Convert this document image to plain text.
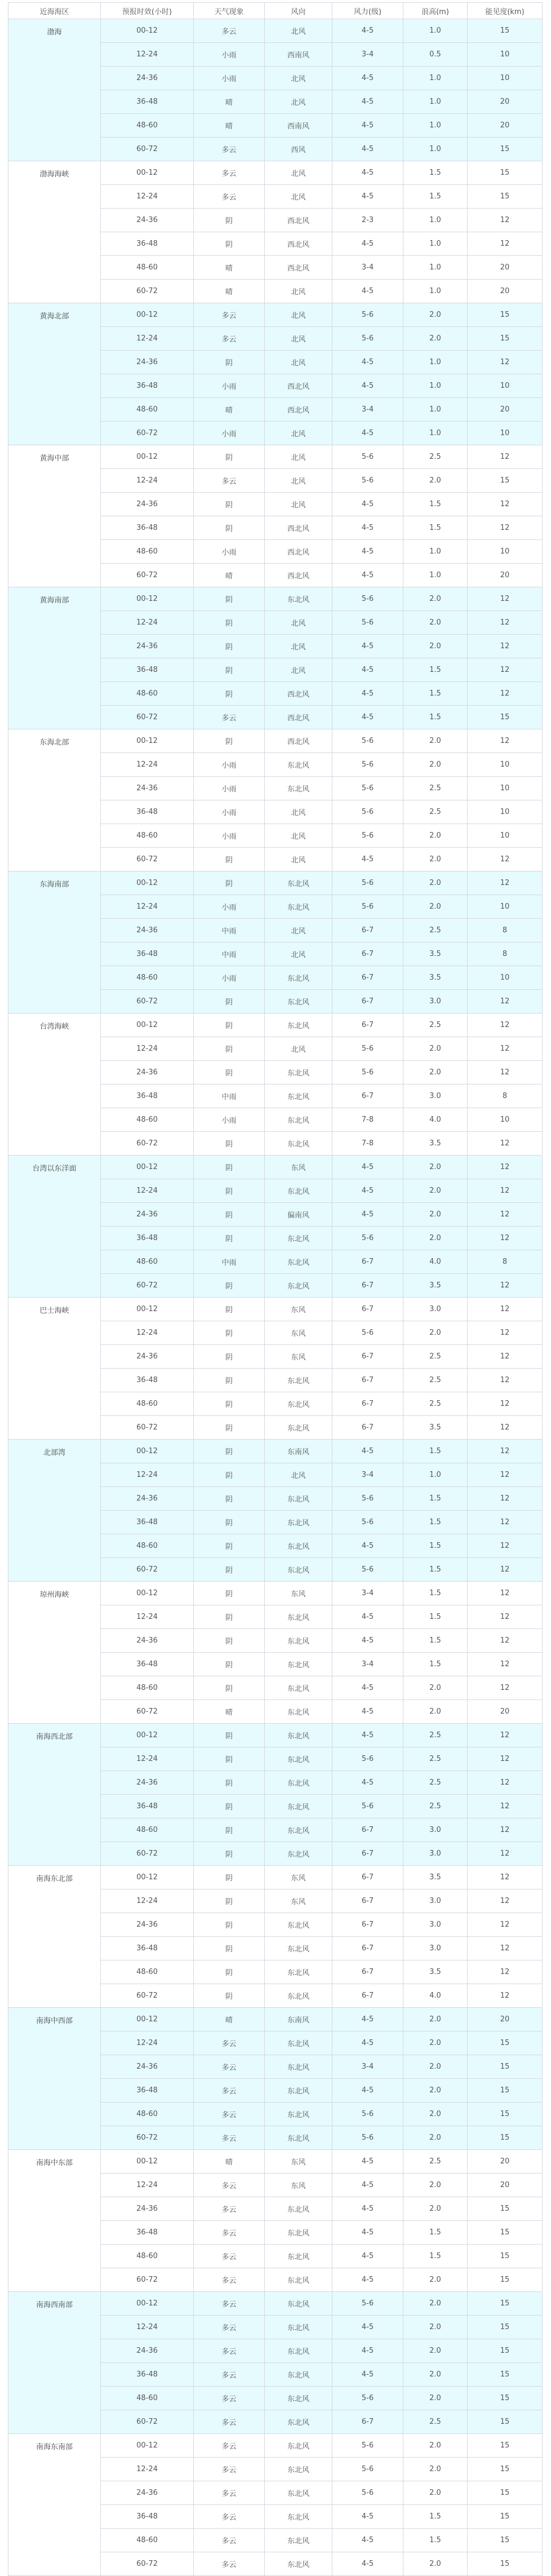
近海海区	预报时效(小时)	天气现象	风向	风力(级)	浪高(m)	能见度(km)
渤海	00-12	多云	北风	4-5	1.0	15
	12-24	小雨	西南风	3-4	0.5	10
	24-36	小雨	北风	4-5	1.0	10
	36-48	晴	北风	4-5	1.0	20
	48-60	晴	西南风	4-5	1.0	20
	60-72	多云	西风	4-5	1.0	15
渤海海峡	00-12	多云	北风	4-5	1.5	15
	12-24	多云	北风	4-5	1.5	15
	24-36	阴	西北风	2-3	1.0	12
	36-48	阴	西北风	4-5	1.0	12
	48-60	晴	西北风	3-4	1.0	20
	60-72	晴	北风	4-5	1.0	20
黄海北部	00-12	多云	北风	5-6	2.0	15
	12-24	多云	北风	5-6	2.0	15
	24-36	阴	北风	4-5	1.0	12
	36-48	小雨	西北风	4-5	1.0	10
	48-60	晴	西北风	3-4	1.0	20
	60-72	小雨	北风	4-5	1.0	10
黄海中部	00-12	阴	北风	5-6	2.5	12
	12-24	多云	北风	5-6	2.0	15
	24-36	阴	北风	4-5	1.5	12
	36-48	阴	西北风	4-5	1.5	12
	48-60	小雨	西北风	4-5	1.0	10
	60-72	晴	西北风	4-5	1.0	20
黄海南部	00-12	阴	东北风	5-6	2.0	12
	12-24	阴	北风	5-6	2.0	12
	24-36	阴	北风	4-5	2.0	12
	36-48	阴	北风	4-5	1.5	12
	48-60	阴	西北风	4-5	1.5	12
	60-72	多云	西北风	4-5	1.5	15
东海北部	00-12	阴	西北风	5-6	2.0	12
	12-24	小雨	东北风	5-6	2.0	10
	24-36	小雨	东北风	5-6	2.5	10
	36-48	小雨	北风	5-6	2.5	10
	48-60	小雨	北风	5-6	2.0	10
	60-72	阴	北风	4-5	2.0	12
东海南部	00-12	阴	东北风	5-6	2.0	12
	12-24	小雨	东北风	5-6	2.0	10
	24-36	中雨	北风	6-7	2.5	8
	36-48	中雨	北风	6-7	3.5	8
	48-60	小雨	东北风	6-7	3.5	10
	60-72	阴	东北风	6-7	3.0	12
台湾海峡	00-12	阴	东北风	6-7	2.5	12
	12-24	阴	北风	5-6	2.0	12
	24-36	阴	东北风	5-6	2.0	12
	36-48	中雨	东北风	6-7	3.0	8
	48-60	小雨	东北风	7-8	4.0	10
	60-72	阴	东北风	7-8	3.5	12
台湾以东洋面	00-12	阴	东风	4-5	2.0	12
	12-24	阴	东北风	4-5	2.0	12
	24-36	阴	偏南风	4-5	2.0	12
	36-48	阴	东北风	5-6	2.0	12
	48-60	中雨	东北风	6-7	4.0	8
	60-72	阴	东北风	6-7	3.5	12
巴士海峡	00-12	阴	东风	6-7	3.0	12
	12-24	阴	东风	5-6	2.0	12
	24-36	阴	东风	6-7	2.5	12
	36-48	阴	东北风	6-7	2.5	12
	48-60	阴	东北风	6-7	2.5	12
	60-72	阴	东北风	6-7	3.5	12
北部湾	00-12	阴	东南风	4-5	1.5	12
	12-24	阴	北风	3-4	1.0	12
	24-36	阴	东北风	5-6	1.5	12
	36-48	阴	东北风	5-6	1.5	12
	48-60	阴	东北风	4-5	1.5	12
	60-72	阴	东北风	5-6	1.5	12
琼州海峡	00-12	阴	东风	3-4	1.5	12
	12-24	阴	东北风	4-5	1.5	12
	24-36	阴	东北风	4-5	1.5	12
	36-48	阴	东北风	3-4	1.5	12
	48-60	阴	东北风	4-5	2.0	12
	60-72	晴	东北风	4-5	2.0	20
南海西北部	00-12	阴	东北风	4-5	2.5	12
	12-24	阴	东北风	5-6	2.5	12
	24-36	阴	东北风	4-5	2.5	12
	36-48	阴	东北风	5-6	2.5	12
	48-60	阴	东北风	6-7	3.0	12
	60-72	阴	东北风	6-7	3.0	12
南海东北部	00-12	阴	东风	6-7	3.5	12
	12-24	阴	东风	6-7	3.0	12
	24-36	阴	东北风	6-7	3.0	12
	36-48	阴	东北风	6-7	3.0	12
	48-60	阴	东北风	6-7	3.5	12
	60-72	阴	东北风	6-7	4.0	12
南海中西部	00-12	晴	东南风	4-5	2.0	20
	12-24	多云	东北风	4-5	2.0	15
	24-36	多云	东北风	3-4	2.0	15
	36-48	多云	东北风	4-5	2.0	15
	48-60	多云	东北风	5-6	2.0	15
	60-72	多云	东北风	5-6	2.0	15
南海中东部	00-12	晴	东风	4-5	2.5	20
	12-24	多云	东风	4-5	2.0	20
	24-36	多云	东北风	4-5	2.0	15
	36-48	多云	东北风	4-5	1.5	15
	48-60	多云	东北风	4-5	1.5	15
	60-72	多云	东北风	4-5	2.0	15
南海西南部	00-12	多云	东北风	5-6	2.0	15
	12-24	多云	东北风	4-5	2.0	15
	24-36	多云	东北风	4-5	2.0	15
	36-48	多云	东北风	4-5	2.0	15
	48-60	多云	东北风	5-6	2.0	15
	60-72	多云	东北风	6-7	2.5	15
南海东南部	00-12	多云	东北风	5-6	2.0	15
	12-24	多云	东北风	5-6	2.0	15
	24-36	多云	东北风	5-6	2.0	15
	36-48	多云	东北风	4-5	1.5	15
	48-60	多云	东北风	4-5	1.5	15
	60-72	多云	东北风	4-5	2.0	15
